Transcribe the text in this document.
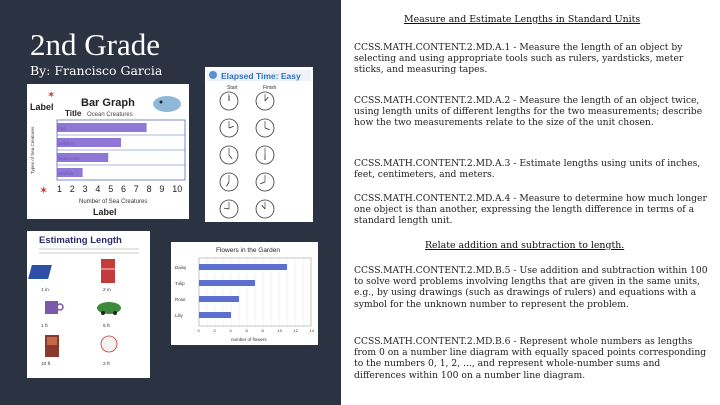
2nd Grade
By: Francisco Garcia
Label Bar Graph
Title Ocean Creatures
✶
1 2 3 4 5 6 7 8 9 10
Number of Sea Creatures
Label
✶
Types of Sea Creatures
Elapsed Time: Easy
Start	Finish
Estimating Length
1 in	2 in
1 ft	5 ft
10 ft	2 ft
Flowers in the Garden
0	2	4	6	8	10	12	14
Daisy
Tulip
Rose
Lilly
number of flowers
Measure and Estimate Lengths in Standard Units
CCSS.MATH.CONTENT.2.MD.A.1 - Measure the length of an object by selecting and using appropriate tools such as rulers, yardsticks, meter sticks, and measuring tapes.
CCSS.MATH.CONTENT.2.MD.A.2 - Measure the length of an object twice, using length units of different lengths for the two measurements; describe how the two measurements relate to the size of the unit chosen.
CCSS.MATH.CONTENT.2.MD.A.3 - Estimate lengths using units of inches, feet, centimeters, and meters.
CCSS.MATH.CONTENT.2.MD.A.4 - Measure to determine how much longer one object is than another, expressing the length difference in terms of a standard length unit.
Relate addition and subtraction to length.
CCSS.MATH.CONTENT.2.MD.B.5 - Use addition and subtraction within 100 to solve word problems involving lengths that are given in the same units, e.g., by using drawings (such as drawings of rulers) and equations with a symbol for the unknown number to represent the problem.
CCSS.MATH.CONTENT.2.MD.B.6 - Represent whole numbers as lengths from 0 on a number line diagram with equally spaced points corresponding to the numbers 0, 1, 2, ..., and represent whole-number sums and differences within 100 on a number line diagram.
